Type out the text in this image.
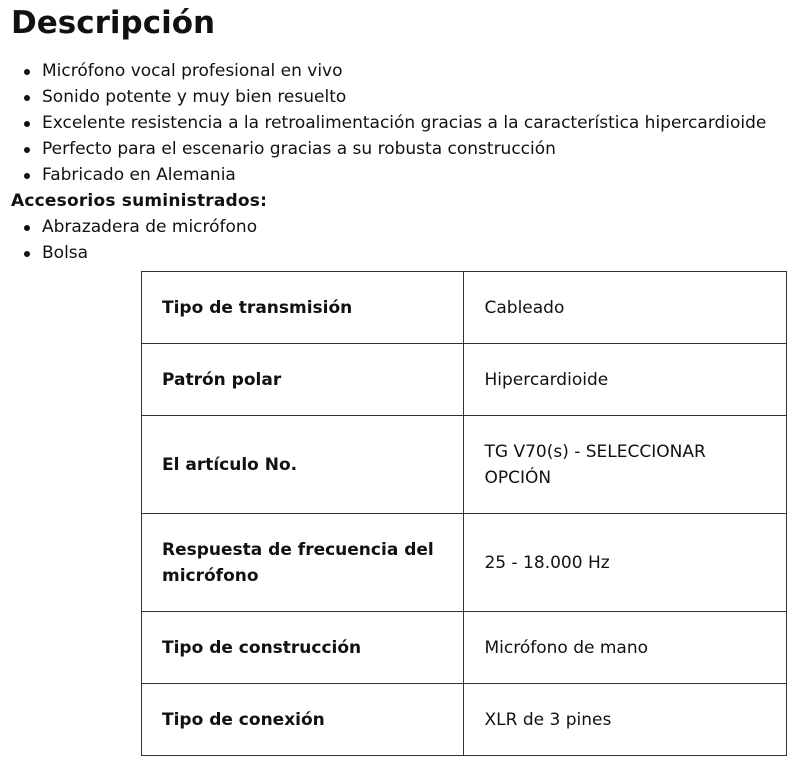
Descripción
Micrófono vocal profesional en vivo
Sonido potente y muy bien resuelto
Excelente resistencia a la retroalimentación gracias a la característica hipercardioide
Perfecto para el escenario gracias a su robusta construcción
Fabricado en Alemania

Accesorios suministrados:

Abrazadera de micrófono
Bolsa
Tipo de transmisión	Cableado
Patrón polar	Hipercardioide
El artículo No.	TG V70(s) - SELECCIONAR OPCIÓN
Respuesta de frecuencia del micrófono	25 - 18.000 Hz
Tipo de construcción	Micrófono de mano
Tipo de conexión	XLR de 3 pines
